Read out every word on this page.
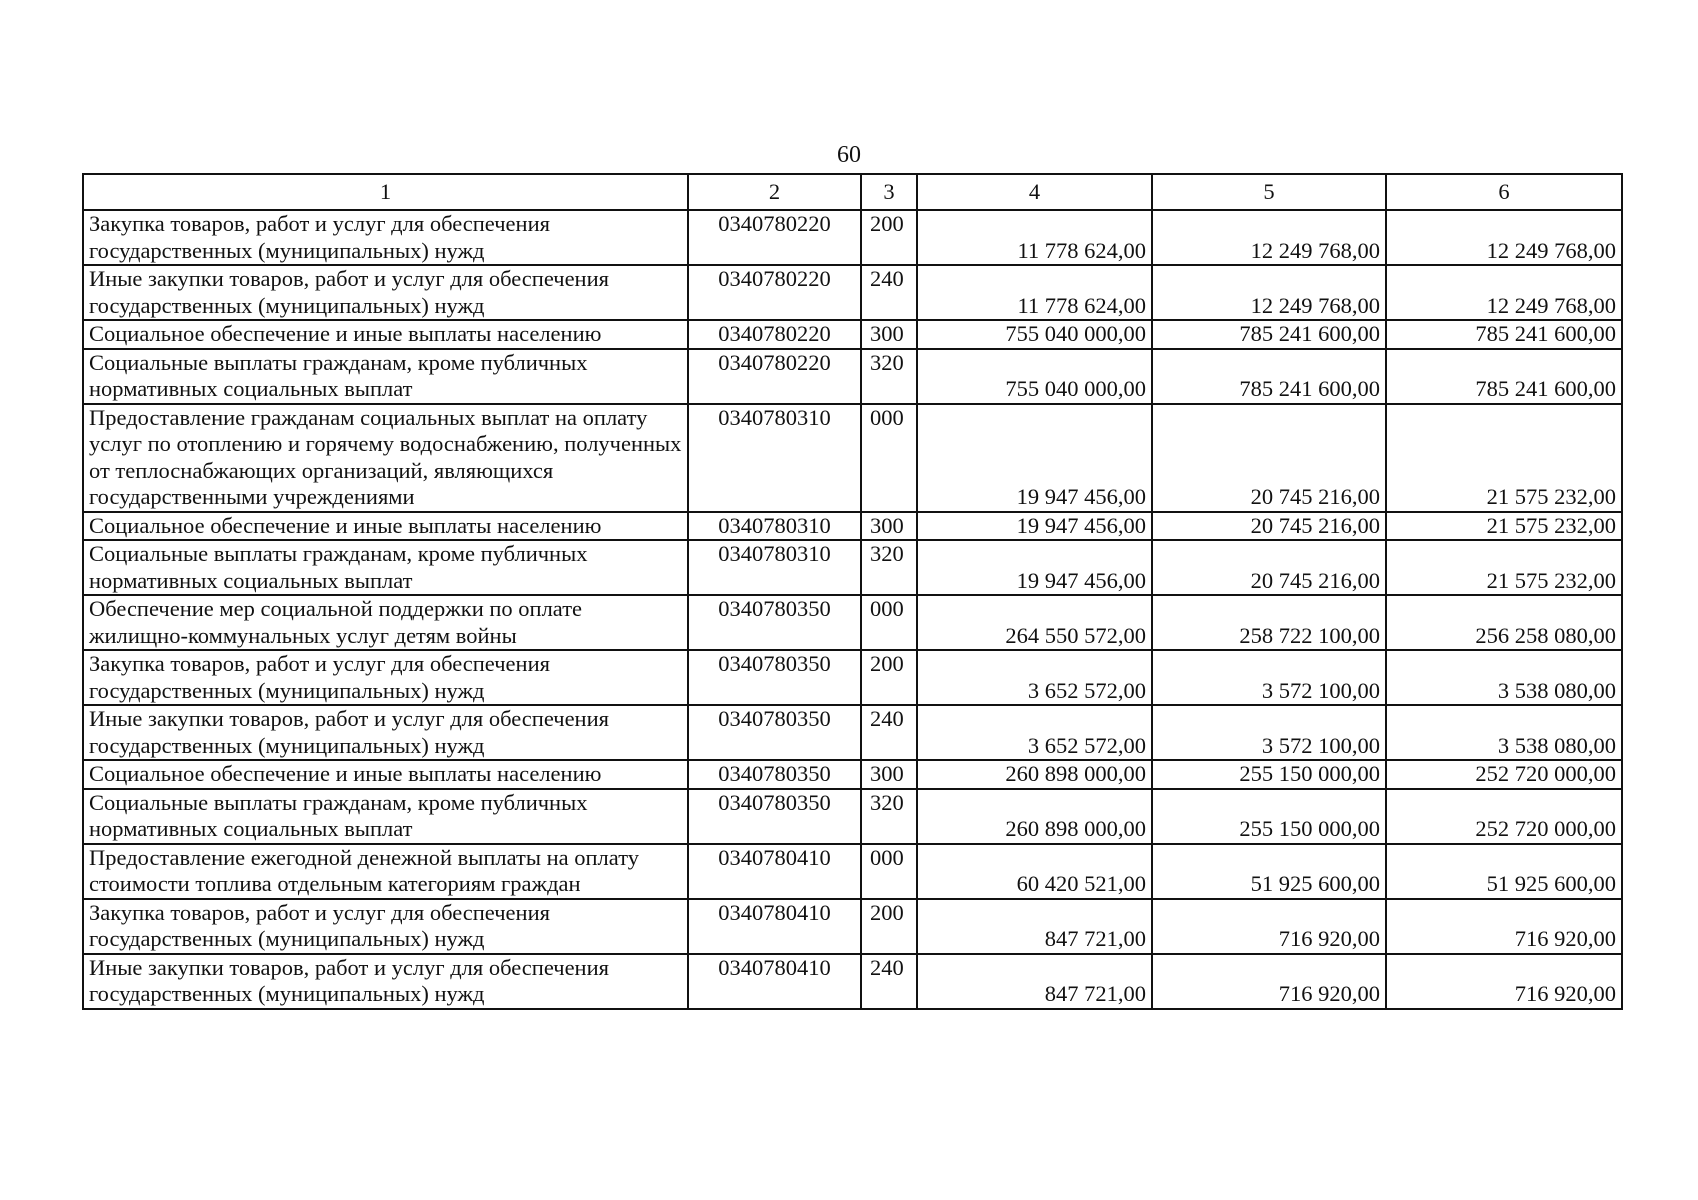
60
1	2	3	4	5	6
Закупка товаров, работ и услуг для обеспечения государственных (муниципальных) нужд	0340780220	200	11 778 624,00	12 249 768,00	12 249 768,00
Иные закупки товаров, работ и услуг для обеспечения государственных (муниципальных) нужд	0340780220	240	11 778 624,00	12 249 768,00	12 249 768,00
Социальное обеспечение и иные выплаты населению	0340780220	300	755 040 000,00	785 241 600,00	785 241 600,00
Социальные выплаты гражданам, кроме публичных нормативных социальных выплат	0340780220	320	755 040 000,00	785 241 600,00	785 241 600,00
Предоставление гражданам социальных выплат на оплату услуг по отоплению и горячему водоснабжению, полученных от теплоснабжающих организаций, являющихся государственными учреждениями	0340780310	000	19 947 456,00	20 745 216,00	21 575 232,00
Социальное обеспечение и иные выплаты населению	0340780310	300	19 947 456,00	20 745 216,00	21 575 232,00
Социальные выплаты гражданам, кроме публичных нормативных социальных выплат	0340780310	320	19 947 456,00	20 745 216,00	21 575 232,00
Обеспечение мер социальной поддержки по оплате жилищно-коммунальных услуг детям войны	0340780350	000	264 550 572,00	258 722 100,00	256 258 080,00
Закупка товаров, работ и услуг для обеспечения государственных (муниципальных) нужд	0340780350	200	3 652 572,00	3 572 100,00	3 538 080,00
Иные закупки товаров, работ и услуг для обеспечения государственных (муниципальных) нужд	0340780350	240	3 652 572,00	3 572 100,00	3 538 080,00
Социальное обеспечение и иные выплаты населению	0340780350	300	260 898 000,00	255 150 000,00	252 720 000,00
Социальные выплаты гражданам, кроме публичных нормативных социальных выплат	0340780350	320	260 898 000,00	255 150 000,00	252 720 000,00
Предоставление ежегодной денежной выплаты на оплату стоимости топлива отдельным категориям граждан	0340780410	000	60 420 521,00	51 925 600,00	51 925 600,00
Закупка товаров, работ и услуг для обеспечения государственных (муниципальных) нужд	0340780410	200	847 721,00	716 920,00	716 920,00
Иные закупки товаров, работ и услуг для обеспечения государственных (муниципальных) нужд	0340780410	240	847 721,00	716 920,00	716 920,00
